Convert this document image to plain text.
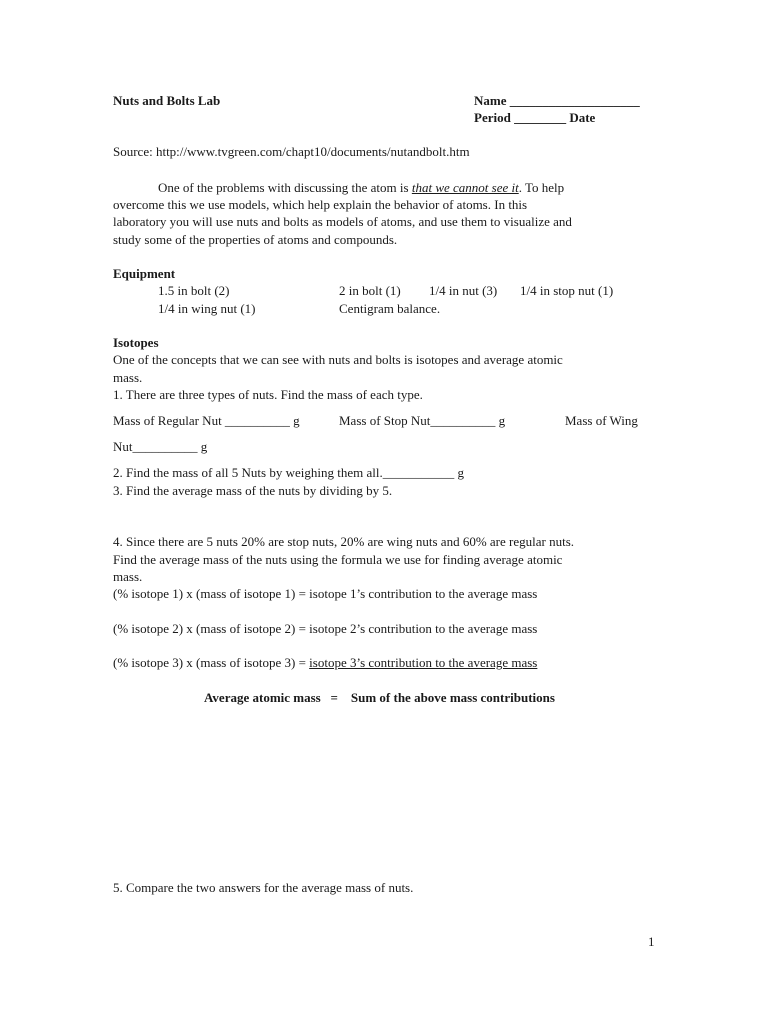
Nuts and Bolts Lab	Name ____________________
Period ________ Date
Source: http://www.tvgreen.com/chapt10/documents/nutandbolt.htm
One of the problems with discussing the atom is that we cannot see it. To help
overcome this we use models, which help explain the behavior of atoms. In this
laboratory you will use nuts and bolts as models of atoms, and use them to visualize and
study some of the properties of atoms and compounds.
Equipment
1.5 in bolt (2)	2 in bolt (1) 1/4 in nut (3) 1/4 in stop nut (1)
1/4 in wing nut (1)	Centigram balance.
Isotopes
One of the concepts that we can see with nuts and bolts is isotopes and average atomic
mass.
1. There are three types of nuts. Find the mass of each type.
Mass of Regular Nut __________ g	Mass of Stop Nut__________ g	Mass of Wing
Nut__________ g
2. Find the mass of all 5 Nuts by weighing them all.___________ g
3. Find the average mass of the nuts by dividing by 5.
4. Since there are 5 nuts 20% are stop nuts, 20% are wing nuts and 60% are regular nuts.
Find the average mass of the nuts using the formula we use for finding average atomic
mass.
(% isotope 1) x (mass of isotope 1) = isotope 1’s contribution to the average mass
(% isotope 2) x (mass of isotope 2) = isotope 2’s contribution to the average mass
(% isotope 3) x (mass of isotope 3) = isotope 3’s contribution to the average mass
Average atomic mass   =    Sum of the above mass contributions
5. Compare the two answers for the average mass of nuts.
1
